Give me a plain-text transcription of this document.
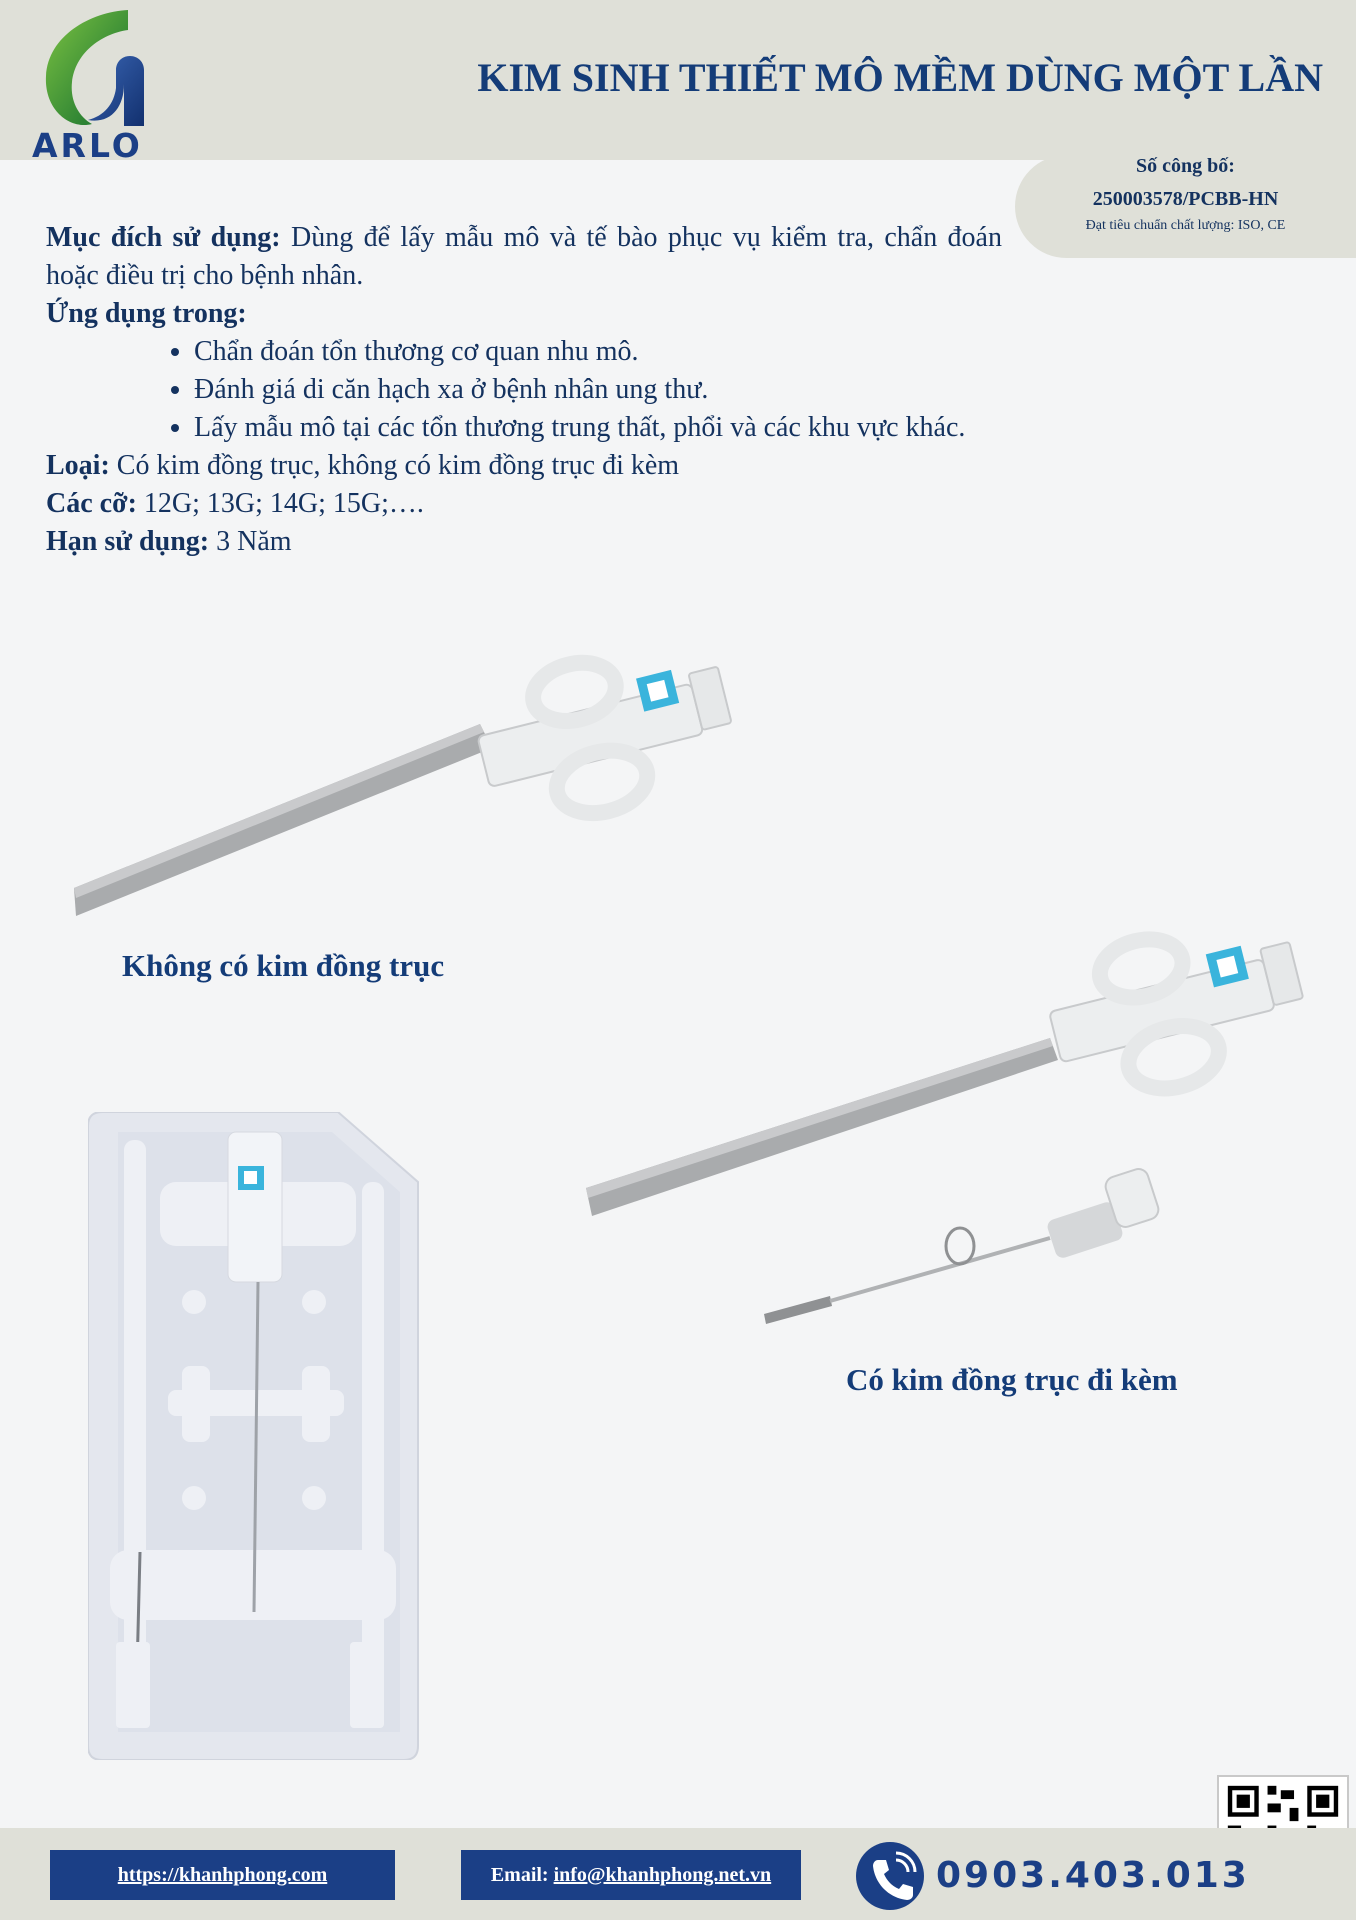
ARLO
KIM SINH THIẾT MÔ MỀM DÙNG MỘT LẦN
Số công bố:
250003578/PCBB-HN
Đạt tiêu chuẩn chất lượng: ISO, CE

Mục đích sử dụng: Dùng để lấy mẫu mô và tế bào phục vụ kiểm tra, chẩn đoán hoặc điều trị cho bệnh nhân.

Ứng dụng trong:

• Chẩn đoán tổn thương cơ quan nhu mô.
• Đánh giá di căn hạch xa ở bệnh nhân ung thư.
• Lấy mẫu mô tại các tổn thương trung thất, phổi và các khu vực khác.

Loại: Có kim đồng trục, không có kim đồng trục đi kèm

Các cỡ: 12G; 13G; 14G; 15G;….

Hạn sử dụng: 3 Năm

Không có kim đồng trục
Có kim đồng trục đi kèm
https://khanhphong.com	Email: info@khanhphong.net.vn	0903.403.013
